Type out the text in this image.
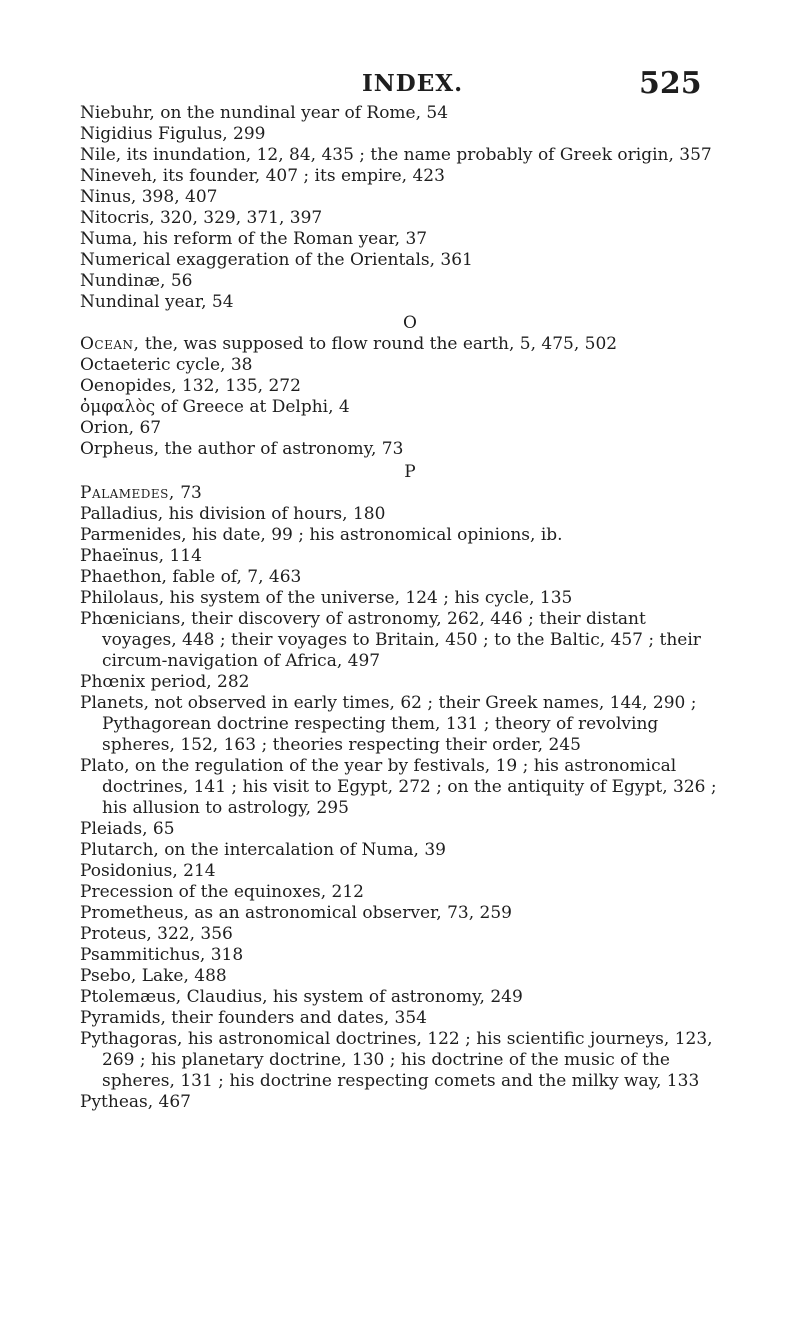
INDEX.	525

Niebuhr, on the nundinal year of Rome, 54

Nigidius Figulus, 299

Nile, its inundation, 12, 84, 435 ; the name probably of Greek origin, 357

Nineveh, its founder, 407 ; its empire, 423

Ninus, 398, 407

Nitocris, 320, 329, 371, 397

Numa, his reform of the Roman year, 37

Numerical exaggeration of the Orientals, 361

Nundinæ, 56

Nundinal year, 54

O

Ocean, the, was supposed to flow round the earth, 5, 475, 502

Octaeteric cycle, 38

Oenopides, 132, 135, 272

ὀμφαλὸς of Greece at Delphi, 4

Orion, 67

Orpheus, the author of astronomy, 73

P

Palamedes, 73

Palladius, his division of hours, 180

Parmenides, his date, 99 ; his astronomical opinions, ib.

Phaeïnus, 114

Phaethon, fable of, 7, 463

Philolaus, his system of the universe, 124 ; his cycle, 135

Phœnicians, their discovery of astronomy, 262, 446 ; their distant voyages, 448 ; their voyages to Britain, 450 ; to the Baltic, 457 ; their circum-navigation of Africa, 497

Phœnix period, 282

Planets, not observed in early times, 62 ; their Greek names, 144, 290 ; Pythagorean doctrine respecting them, 131 ; theory of revolving spheres, 152, 163 ; theories respecting their order, 245

Plato, on the regulation of the year by festivals, 19 ; his astronomical doctrines, 141 ; his visit to Egypt, 272 ; on the antiquity of Egypt, 326 ; his allusion to astrology, 295

Pleiads, 65

Plutarch, on the intercalation of Numa, 39

Posidonius, 214

Precession of the equinoxes, 212

Prometheus, as an astronomical observer, 73, 259

Proteus, 322, 356

Psammitichus, 318

Psebo, Lake, 488

Ptolemæus, Claudius, his system of astronomy, 249

Pyramids, their founders and dates, 354

Pythagoras, his astronomical doctrines, 122 ; his scientific journeys, 123, 269 ; his planetary doctrine, 130 ; his doctrine of the music of the spheres, 131 ; his doctrine respecting comets and the milky way, 133

Pytheas, 467
